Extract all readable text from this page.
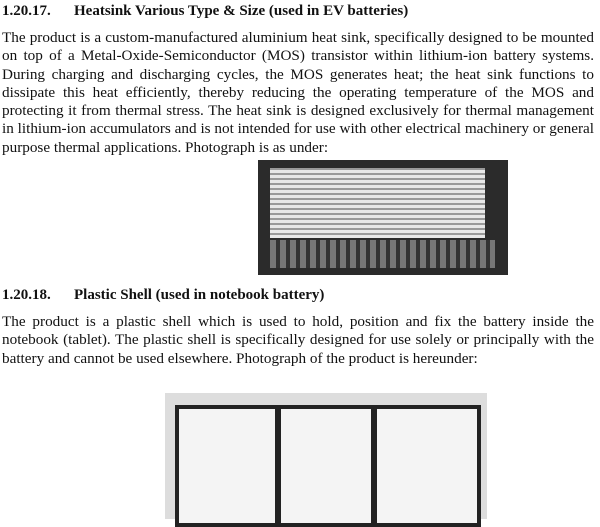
1.20.17. Heatsink Various Type & Size (used in EV batteries)
The product is a custom-manufactured aluminium heat sink, specifically designed to be mounted on top of a Metal-Oxide-Semiconductor (MOS) transistor within lithium-ion battery systems. During charging and discharging cycles, the MOS generates heat; the heat sink functions to dissipate this heat efficiently, thereby reducing the operating temperature of the MOS and protecting it from thermal stress. The heat sink is designed exclusively for thermal management in lithium-ion accumulators and is not intended for use with other electrical machinery or general purpose thermal applications. Photograph is as under:
1.20.18. Plastic Shell (used in notebook battery)
The product is a plastic shell which is used to hold, position and fix the battery inside the notebook (tablet). The plastic shell is specifically designed for use solely or principally with the battery and cannot be used elsewhere. Photograph of the product is hereunder:
